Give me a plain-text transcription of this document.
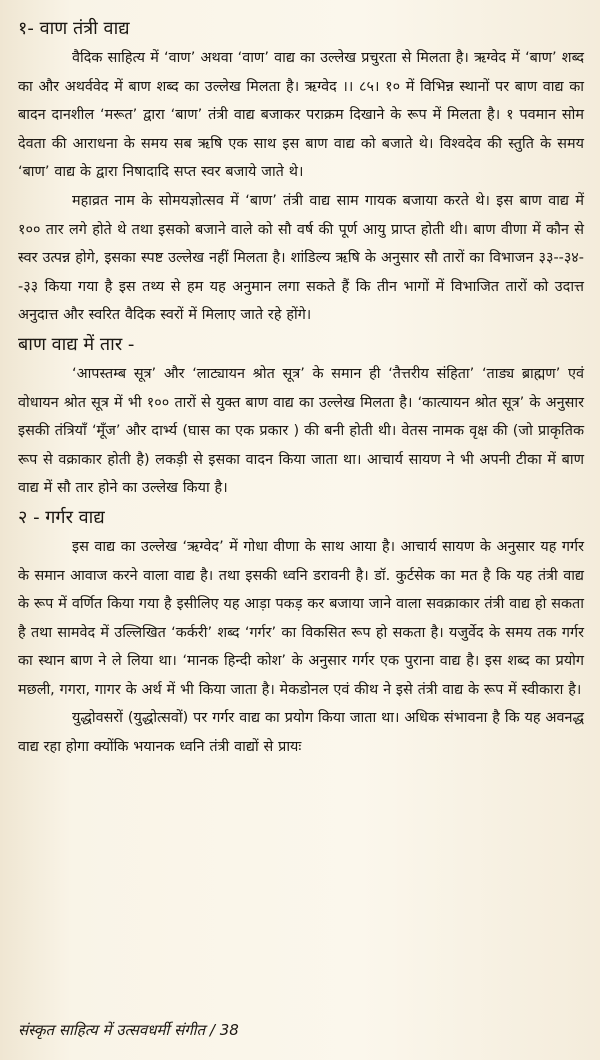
१- वाण तंत्री वाद्य

वैदिक साहित्य में ‘वाण’ अथवा ‘वाण’ वाद्य का उल्लेख प्रचुरता से मिलता है। ऋग्वेद में ‘बाण’ शब्द का और अथर्ववेद में बाण शब्द का उल्लेख मिलता है। ऋग्वेद ।। ८५। १० में विभिन्न स्थानों पर बाण वाद्य का बादन दानशील ‘मरूत’ द्वारा ‘बाण’ तंत्री वाद्य बजाकर पराक्रम दिखाने के रूप में मिलता है। १ पवमान सोम देवता की आराधना के समय सब ऋषि एक साथ इस बाण वाद्य को बजाते थे। विश्वदेव की स्तुति के समय ‘बाण’ वाद्य के द्वारा निषादादि सप्त स्वर बजाये जाते थे।

महाव्रत नाम के सोमयज्ञोत्सव में ‘बाण’ तंत्री वाद्य साम गायक बजाया करते थे। इस बाण वाद्य में १०० तार लगे होते थे तथा इसको बजाने वाले को सौ वर्ष की पूर्ण आयु प्राप्त होती थी। बाण वीणा में कौन से स्वर उत्पन्न होगे, इसका स्पष्ट उल्लेख नहीं मिलता है। शांडिल्य ऋषि के अनुसार सौ तारों का विभाजन ३३--३४--३३ किया गया है इस तथ्य से हम यह अनुमान लगा सकते हैं कि तीन भागों में विभाजित तारों को उदात्त अनुदात्त और स्वरित वैदिक स्वरों में मिलाए जाते रहे होंगे।

बाण वाद्य में तार -

‘आपस्तम्ब सूत्र’ और ‘लाट्यायन श्रोत सूत्र’ के समान ही ‘तैत्तरीय संहिता’ ‘ताड्य ब्राह्मण’ एवं वोधायन श्रोत सूत्र में भी १०० तारों से युक्त बाण वाद्य का उल्लेख मिलता है। ‘कात्यायन श्रोत सूत्र’ के अनुसार इसकी तंत्रियाँ ‘मूँज’ और दार्भ्य (घास का एक प्रकार ) की बनी होती थी। वेतस नामक वृक्ष की (जो प्राकृतिक रूप से वक्राकार होती है) लकड़ी से इसका वादन किया जाता था। आचार्य सायण ने भी अपनी टीका में बाण वाद्य में सौ तार होने का उल्लेख किया है।

२ - गर्गर वाद्य

इस वाद्य का उल्लेख ‘ऋग्वेद’ में गोधा वीणा के साथ आया है। आचार्य सायण के अनुसार यह गर्गर के समान आवाज करने वाला वाद्य है। तथा इसकी ध्वनि डरावनी है। डॉ. कुर्टसेक का मत है कि यह तंत्री वाद्य के रूप में वर्णित किया गया है इसीलिए यह आड़ा पकड़ कर बजाया जाने वाला सवक्राकार तंत्री वाद्य हो सकता है तथा सामवेद में उल्लिखित ‘कर्करी’ शब्द ‘गर्गर’ का विकसित रूप हो सकता है। यजुर्वेद के समय तक गर्गर का स्थान बाण ने ले लिया था। ‘मानक हिन्दी कोश’ के अनुसार गर्गर एक पुराना वाद्य है। इस शब्द का प्रयोग मछली, गगरा, गागर के अर्थ में भी किया जाता है। मेकडोनल एवं कीथ ने इसे तंत्री वाद्य के रूप में स्वीकारा है।

युद्धोवसरों (युद्धोत्सवों) पर गर्गर वाद्य का प्रयोग किया जाता था। अधिक संभावना है कि यह अवनद्ध वाद्य रहा होगा क्योंकि भयानक ध्वनि तंत्री वाद्यों से प्रायः

संस्कृत साहित्य में उत्सवधर्मी संगीत / 38
